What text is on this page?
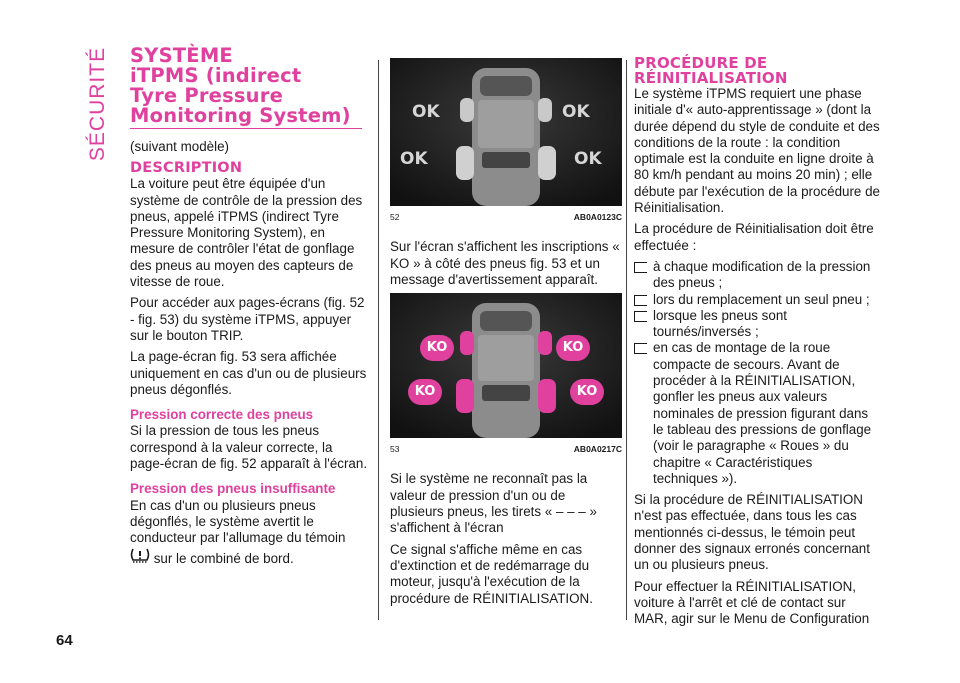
SÉCURITÉ SYSTÈME
iTPMS (indirect
Tyre Pressure
Monitoring System)

(suivant modèle)

DESCRIPTION

La voiture peut être équipée d'un système de contrôle de la pression des pneus, appelé iTPMS (indirect Tyre Pressure Monitoring System), en mesure de contrôler l'état de gonflage des pneus au moyen des capteurs de vitesse de roue.

Pour accéder aux pages-écrans (fig. 52 - fig. 53) du système iTPMS, appuyer sur le bouton TRIP.

La page-écran fig. 53 sera affichée uniquement en cas d'un ou de plusieurs pneus dégonflés.

Pression correcte des pneus

Si la pression de tous les pneus correspond à la valeur correcte, la page-écran de fig. 52 apparaît à l'écran.

Pression des pneus insuffisante

En cas d'un ou plusieurs pneus dégonflés, le système avertit le conducteur par l'allumage du témoin
sur le combiné de bord.

OK	OK
OK	OK
52	AB0A0123C

Sur l'écran s'affichent les inscriptions « KO » à côté des pneus fig. 53 et un message d'avertissement apparaît.

KO	KO
KO	KO
53	AB0A0217C

Si le système ne reconnaît pas la valeur de pression d'un ou de plusieurs pneus, les tirets « – – – » s'affichent à l'écran

Ce signal s'affiche même en cas d'extinction et de redémarrage du moteur, jusqu'à l'exécution de la procédure de RÉINITIALISATION.

PROCÉDURE DE
RÉINITIALISATION

Le système iTPMS requiert une phase initiale d'« auto-apprentissage » (dont la durée dépend du style de conduite et des conditions de la route : la condition optimale est la conduite en ligne droite à 80 km/h pendant au moins 20 min) ; elle débute par l'exécution de la procédure de Réinitialisation.

La procédure de Réinitialisation doit être effectuée :

à chaque modification de la pression des pneus ;
lors du remplacement un seul pneu ;
lorsque les pneus sont tournés/inversés ;
en cas de montage de la roue compacte de secours. Avant de procéder à la RÉINITIALISATION, gonfler les pneus aux valeurs nominales de pression figurant dans le tableau des pressions de gonflage (voir le paragraphe « Roues » du chapitre « Caractéristiques techniques »).

Si la procédure de RÉINITIALISATION n'est pas effectuée, dans tous les cas mentionnés ci-dessus, le témoin peut donner des signaux erronés concernant un ou plusieurs pneus.

Pour effectuer la RÉINITIALISATION, voiture à l'arrêt et clé de contact sur MAR, agir sur le Menu de Configuration

64
